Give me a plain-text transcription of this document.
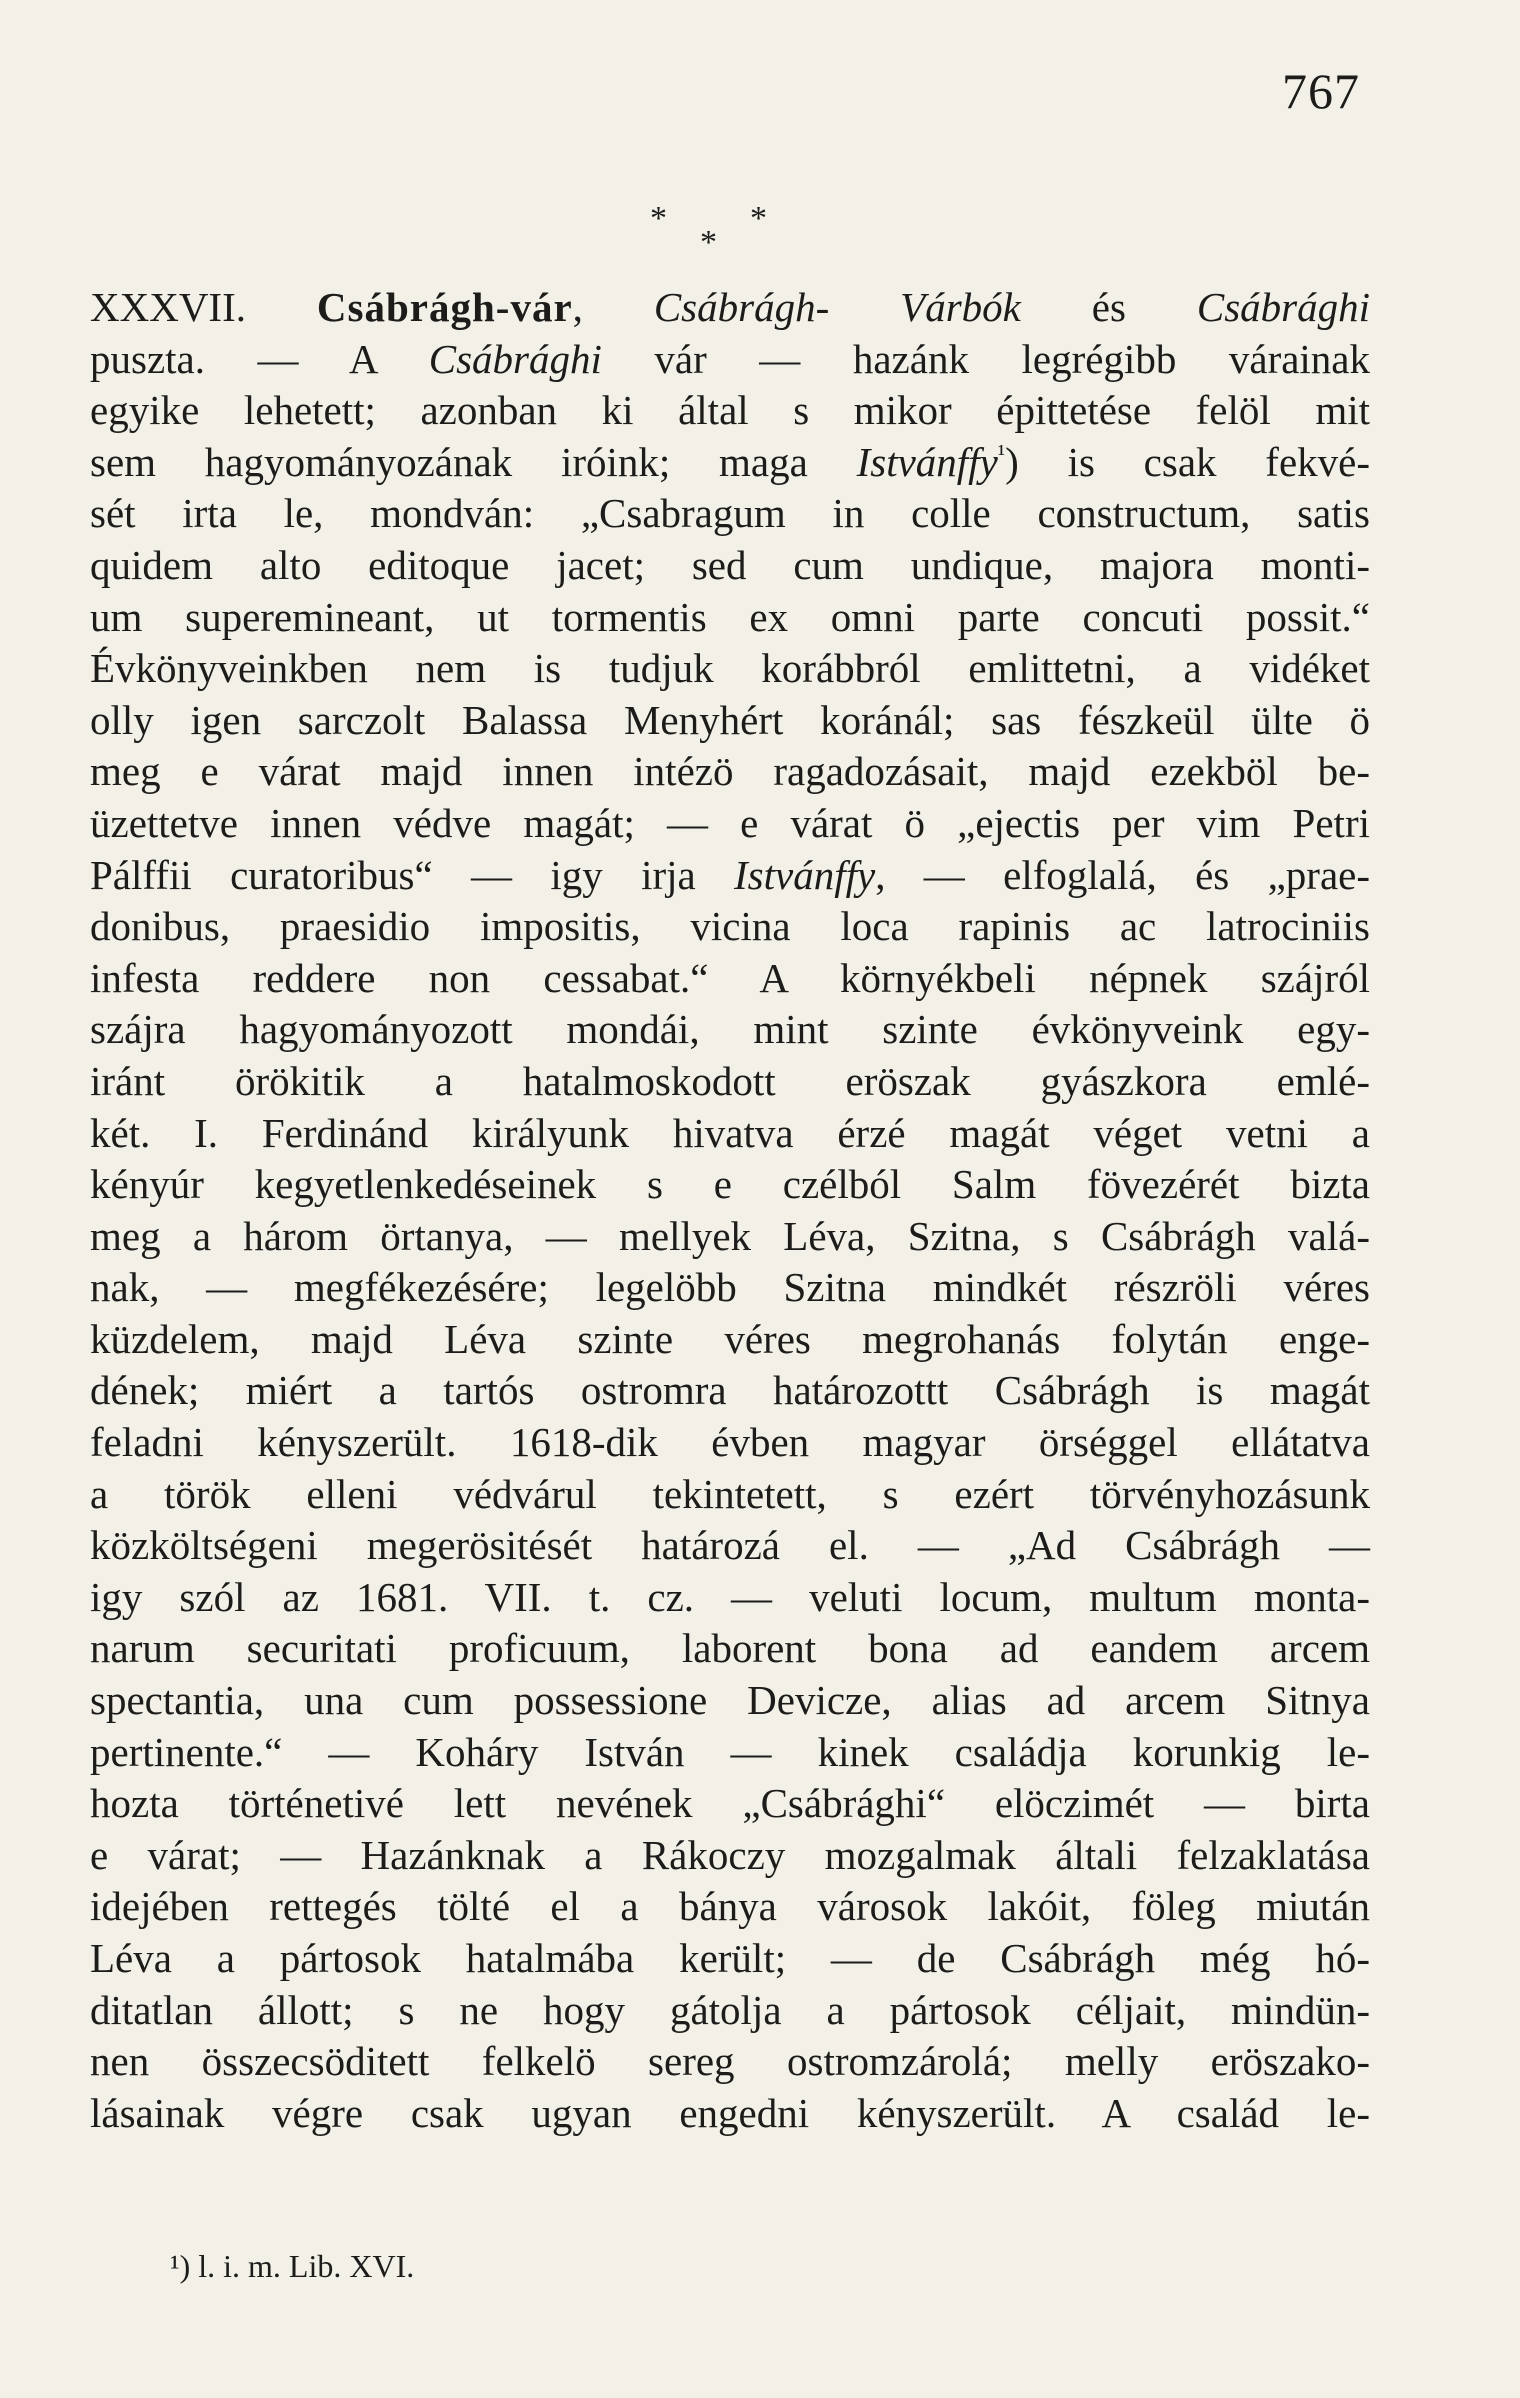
767
*
*
*
XXXVII. Csábrágh-vár, Csábrágh- Várbók és Csábrághi
puszta. — A Csábrághi vár — hazánk legrégibb várainak
egyike lehetett; azonban ki által s mikor épittetése felöl mit
sem hagyományozának iróink; maga Istvánffy$^{^1}$) is csak fekvé-
sét irta le, mondván: „Csabragum in colle constructum, satis
quidem alto editoque jacet; sed cum undique, majora monti-
um superemineant, ut tormentis ex omni parte concuti possit.“
Évkönyveinkben nem is tudjuk korábbról emlittetni, a vidéket
olly igen sarczolt Balassa Menyhért koránál; sas fészkeül ülte ö
meg e várat majd innen intézö ragadozásait, majd ezekböl be-
üzettetve innen védve magát; — e várat ö „ejectis per vim Petri
Pálffii curatoribus“ — igy irja Istvánffy, — elfoglalá, és „prae-
donibus, praesidio impositis, vicina loca rapinis ac latrociniis
infesta reddere non cessabat.“ A környékbeli népnek szájról
szájra hagyományozott mondái, mint szinte évkönyveink egy-
iránt örökitik a hatalmoskodott eröszak gyászkora emlé-
két. I. Ferdinánd királyunk hivatva érzé magát véget vetni a
kényúr kegyetlenkedéseinek s e czélból Salm fövezérét bizta
meg a három örtanya, — mellyek Léva, Szitna, s Csábrágh valá-
nak, — megfékezésére; legelöbb Szitna mindkét részröli véres
küzdelem, majd Léva szinte véres megrohanás folytán enge-
dének; miért a tartós ostromra határozottt Csábrágh is magát
feladni kényszerült. 1618-dik évben magyar örséggel ellátatva
a török elleni védvárul tekintetett, s ezért törvényhozásunk
közköltségeni megerösitését határozá el. — „Ad Csábrágh —
igy szól az 1681. VII. t. cz. — veluti locum, multum monta-
narum securitati proficuum, laborent bona ad eandem arcem
spectantia, una cum possessione Devicze, alias ad arcem Sitnya
pertinente.“ — Koháry István — kinek családja korunkig le-
hozta történetivé lett nevének „Csábrághi“ elöczimét — birta
e várat; — Hazánknak a Rákoczy mozgalmak általi felzaklatása
idejében rettegés tölté el a bánya városok lakóit, föleg miután
Léva a pártosok hatalmába került; — de Csábrágh még hó-
ditatlan állott; s ne hogy gátolja a pártosok céljait, mindün-
nen összecsöditett felkelö sereg ostromzárolá; melly eröszako-
lásainak végre csak ugyan engedni kényszerült. A család le-
¹) l. i. m. Lib. XVI.
